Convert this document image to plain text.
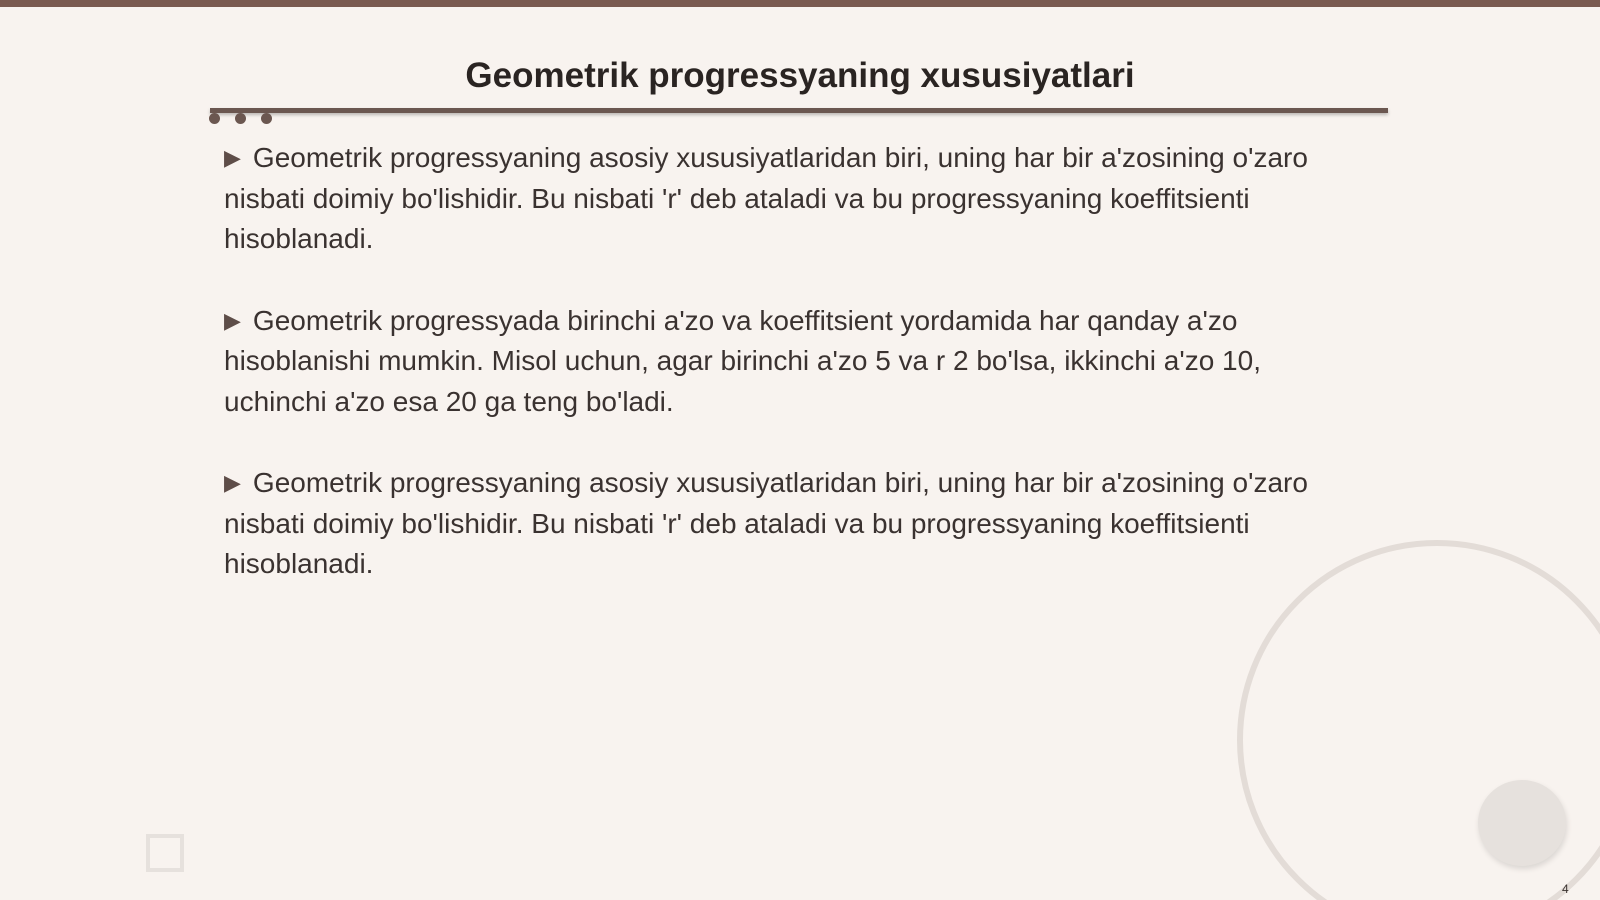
Geometrik progressyaning xususiyatlari

▶ Geometrik progressyaning asosiy xususiyatlaridan biri, uning har bir a'zosining o'zaro nisbati doimiy bo'lishidir. Bu nisbati 'r' deb ataladi va bu progressyaning koeffitsienti hisoblanadi.

▶ Geometrik progressyada birinchi a'zo va koeffitsient yordamida har qanday a'zo hisoblanishi mumkin. Misol uchun, agar birinchi a'zo 5 va r 2 bo'lsa, ikkinchi a'zo 10, uchinchi a'zo esa 20 ga teng bo'ladi.

▶ Geometrik progressyaning asosiy xususiyatlaridan biri, uning har bir a'zosining o'zaro nisbati doimiy bo'lishidir. Bu nisbati 'r' deb ataladi va bu progressyaning koeffitsienti hisoblanadi.

4
